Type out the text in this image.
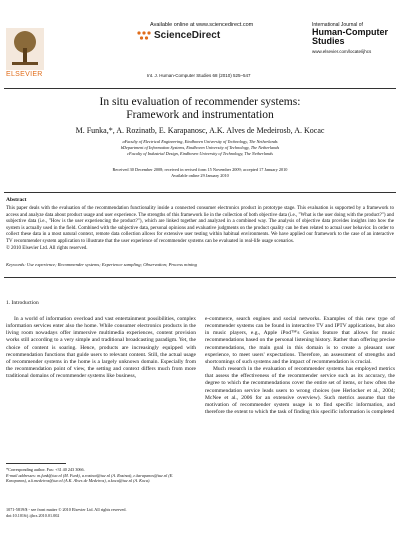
ELSEVIER
Available online at www.sciencedirect.com
ScienceDirect
Int. J. Human-Computer Studies 68 (2010) 525–547
International Journal of
Human-Computer Studies
www.elsevier.com/locate/ijhcs
In situ evaluation of recommender systems:
Framework and instrumentation
M. Funka,*, A. Rozinatb, E. Karapanosc, A.K. Alves de Medeirosb, A. Kocac
aFaculty of Electrical Engineering, Eindhoven University of Technology, The Netherlands
bDepartment of Information Systems, Eindhoven University of Technology, The Netherlands
cFaculty of Industrial Design, Eindhoven University of Technology, The Netherlands
Received 30 December 2008; received in revised form 15 November 2009; accepted 17 January 2010
Available online 29 January 2010
Abstract
This paper deals with the evaluation of the recommendation functionality inside a connected consumer electronics product in prototype stage. This evaluation is supported by a framework to access and analyze data about product usage and user experience. The strengths of this framework lie in the collection of both objective data (i.e., "What is the user doing with the product?") and subjective data (i.e., "How is the user experiencing the product?"), which are linked together and analyzed in a combined way. The analysis of objective data provides insights into how the system is actually used in the field. Combined with the subjective data, personal opinions and evaluative judgments on the product quality can be then related to actual user behavior. In order to collect these data in a most natural context, remote data collection allows for extensive user testing within habitual environments. We have applied our framework to the case of an interactive TV recommender system application to illustrate that the user experience of recommender systems can be evaluated in real-life usage scenarios.
© 2010 Elsevier Ltd. All rights reserved.
Keywords: Use experience; Recommender systems; Experience sampling; Observation; Process mining
1. Introduction

In a world of information overload and vast entertainment possibilities, complex information services enter also the home. While consumer electronics products in the living room nowadays offer immersive multimedia experiences, content provision works still according to a very simple and traditional broadcasting paradigm. Yet, the choice of content is soaring. Hence, products are increasingly equipped with recommendation functions that guide users to relevant content. Still, the actual usage of recommender systems in the home is a largely unknown domain. Especially from the recommendation point of view, the setting and context differs much from more traditional domains of recommender systems like business,

e-commerce, search engines and social networks. Examples of this new type of recommender systems can be found in interactive TV and IPTV applications, but also in music players, e.g., Apple iPod™'s Genius feature that allows for music recommendations based on the personal listening history. Rather than offering precise recommendations, the main goal in this domain is to create a pleasant user experience, to meet users' expectations. Therefore, an assessment of strengths and shortcomings of such systems and the impact of recommendation is crucial.

Much research in the evaluation of recommender systems has employed metrics that assess the effectiveness of the recommender service such as its accuracy, the degree to which the recommendations cover the entire set of items, or how often the recommendation service leads users to wrong choices (see Herlocker et al., 2004; McNee et al., 2006 for an extensive overview). Such metrics assume that the motivation of recommender system usage is to find specific information, and therefore the extent to which the task of finding this specific information is completed

*Corresponding author. Fax: +31 40 243 3066.
E-mail addresses: m.funk@tue.nl (M. Funk), a.rozinat@tue.nl (A. Rozinat), e.karapanos@tue.nl (E. Karapanos), a.k.medeiros@tue.nl (A.K. Alves de Medeiros), a.koca@tue.nl (A. Koca).
1071-5819/$ - see front matter © 2010 Elsevier Ltd. All rights reserved.
doi:10.1016/j.ijhcs.2010.01.002
